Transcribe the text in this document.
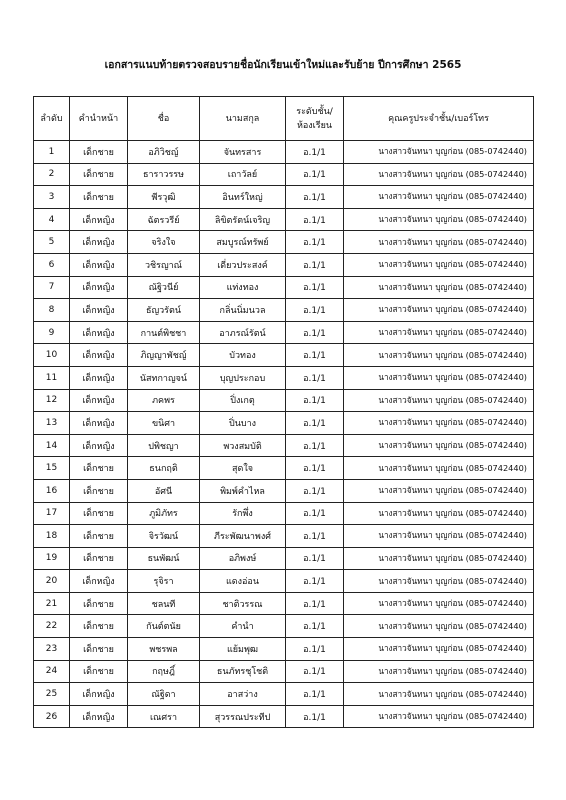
เอกสารแนบท้ายตรวจสอบรายชื่อนักเรียนเข้าใหม่และรับย้าย ปีการศึกษา 2565
ลำดับ	คำนำหน้า	ชื่อ	นามสกุล	ระดับชั้น/
ห้องเรียน	คุณครูประจำชั้น/เบอร์โทร
1	เด็กชาย	อภิวิชญ์	จันทรสาร	อ.1/1	นางสาวจันทนา บุญก่อน (085-0742440)
2	เด็กชาย	ธาราวรรษ	เถาวัลย์	อ.1/1	นางสาวจันทนา บุญก่อน (085-0742440)
3	เด็กชาย	พีรวุฒิ	อินทร์ใหญ่	อ.1/1	นางสาวจันทนา บุญก่อน (085-0742440)
4	เด็กหญิง	ฉัตรวรีย์	ลิขิตรัตน์เจริญ	อ.1/1	นางสาวจันทนา บุญก่อน (085-0742440)
5	เด็กหญิง	จริงใจ	สมบูรณ์ทรัพย์	อ.1/1	นางสาวจันทนา บุญก่อน (085-0742440)
6	เด็กหญิง	วชิรญาณ์	เดี่ยวประสงค์	อ.1/1	นางสาวจันทนา บุญก่อน (085-0742440)
7	เด็กหญิง	ณัฐิวนีย์	แท่งทอง	อ.1/1	นางสาวจันทนา บุญก่อน (085-0742440)
8	เด็กหญิง	ธัญวรัตน์	กลิ่นนิ่มนวล	อ.1/1	นางสาวจันทนา บุญก่อน (085-0742440)
9	เด็กหญิง	กานต์พิชชา	อาภรณ์รัตน์	อ.1/1	นางสาวจันทนา บุญก่อน (085-0742440)
10	เด็กหญิง	ภิญญาพัชญ์	บัวทอง	อ.1/1	นางสาวจันทนา บุญก่อน (085-0742440)
11	เด็กหญิง	นัสทกาญจน์	บุญประกอบ	อ.1/1	นางสาวจันทนา บุญก่อน (085-0742440)
12	เด็กหญิง	ภคพร	ปิ่งเกตุ	อ.1/1	นางสาวจันทนา บุญก่อน (085-0742440)
13	เด็กหญิง	ขนิศา	ปิ่นบาง	อ.1/1	นางสาวจันทนา บุญก่อน (085-0742440)
14	เด็กหญิง	ปพิชญา	พวงสมบัติ	อ.1/1	นางสาวจันทนา บุญก่อน (085-0742440)
15	เด็กชาย	ธนกฤติ	สุดใจ	อ.1/1	นางสาวจันทนา บุญก่อน (085-0742440)
16	เด็กชาย	อัศนี	พิมพ์คำไหล	อ.1/1	นางสาวจันทนา บุญก่อน (085-0742440)
17	เด็กชาย	ภูมิภัทร	รักพึ่ง	อ.1/1	นางสาวจันทนา บุญก่อน (085-0742440)
18	เด็กชาย	จิรวัฒน์	ภีระพัฒนาพงศ์	อ.1/1	นางสาวจันทนา บุญก่อน (085-0742440)
19	เด็กชาย	ธนพัฒน์	อภิพงษ์	อ.1/1	นางสาวจันทนา บุญก่อน (085-0742440)
20	เด็กหญิง	รุจิรา	แดงอ่อน	อ.1/1	นางสาวจันทนา บุญก่อน (085-0742440)
21	เด็กชาย	ชลนที	ชาติวรรณ	อ.1/1	นางสาวจันทนา บุญก่อน (085-0742440)
22	เด็กชาย	กันต์ตนัย	คำนำ	อ.1/1	นางสาวจันทนา บุญก่อน (085-0742440)
23	เด็กชาย	พชรพล	แย้มพุฒ	อ.1/1	นางสาวจันทนา บุญก่อน (085-0742440)
24	เด็กชาย	กฤษฎิ์	ธนภัทรชุโชติ	อ.1/1	นางสาวจันทนา บุญก่อน (085-0742440)
25	เด็กหญิง	ณัฐิดา	อาสว่าง	อ.1/1	นางสาวจันทนา บุญก่อน (085-0742440)
26	เด็กหญิง	เณศรา	สุวรรณประทีป	อ.1/1	นางสาวจันทนา บุญก่อน (085-0742440)
